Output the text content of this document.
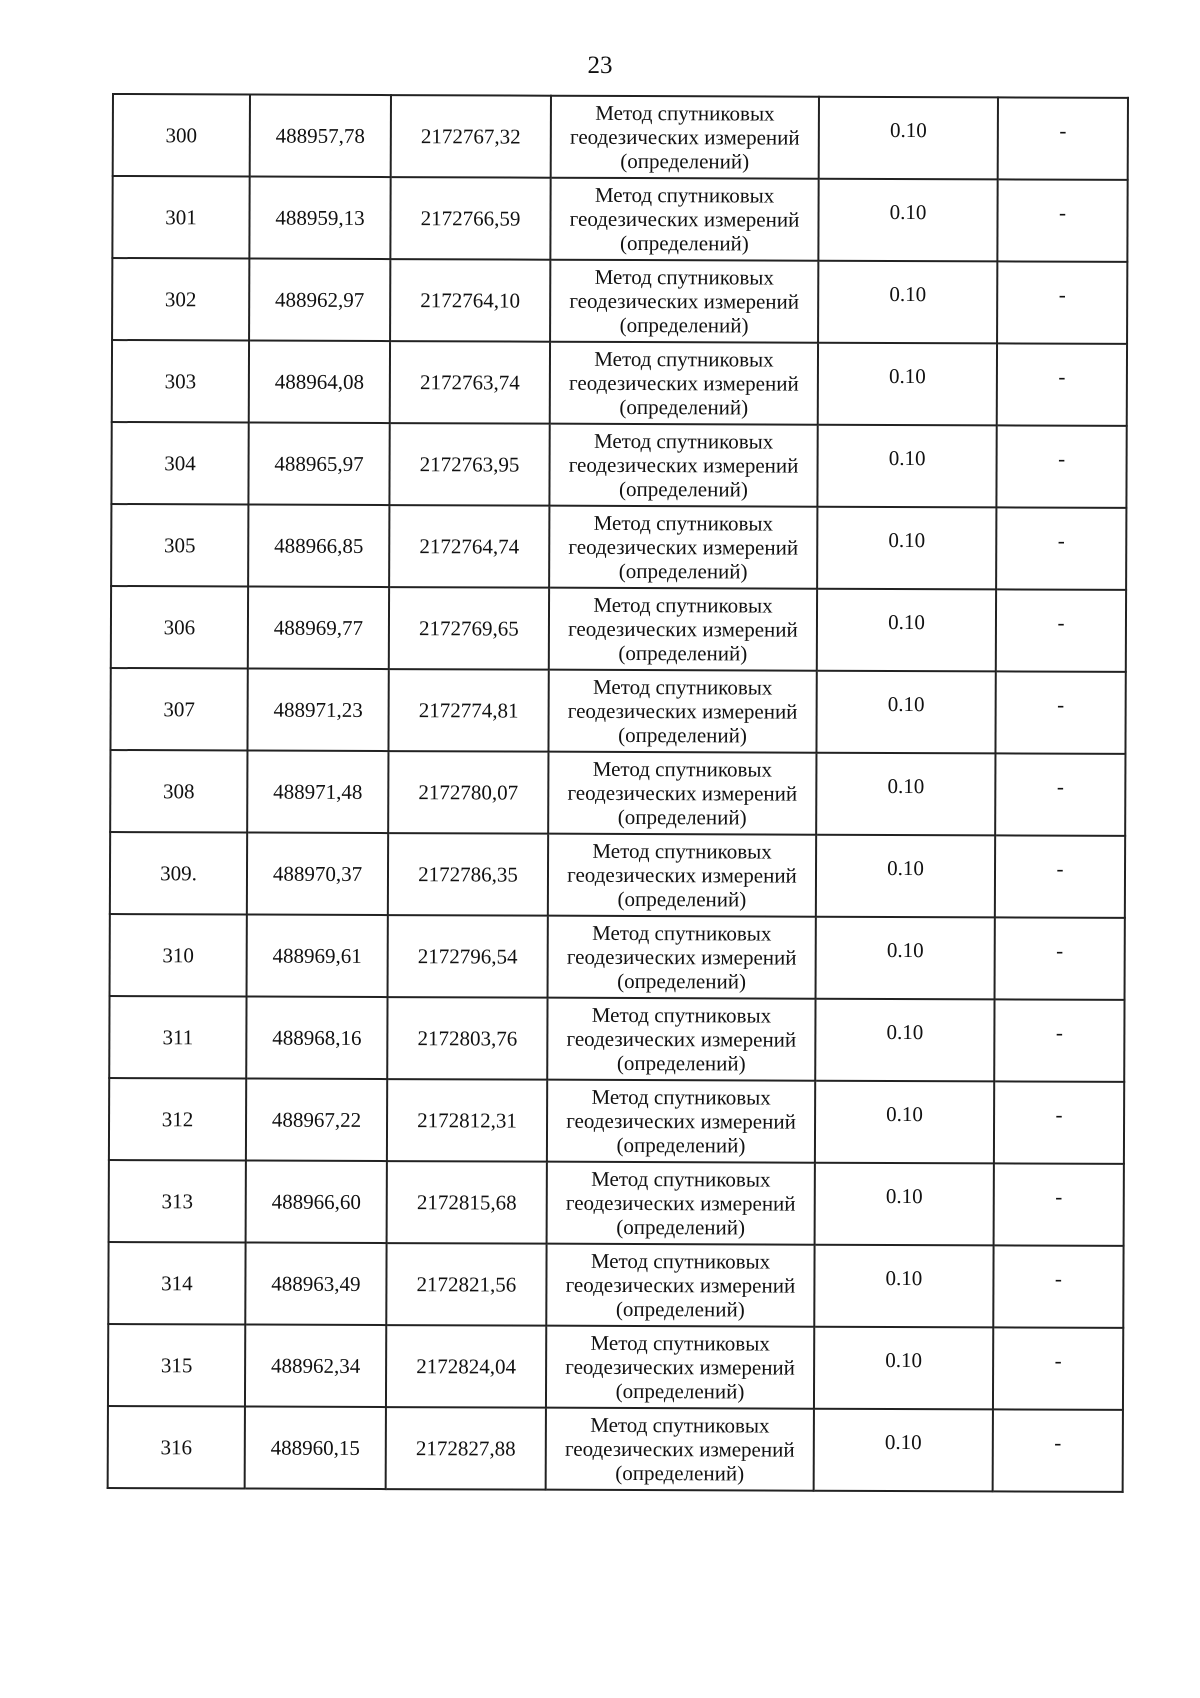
23
300	488957,78	2172767,32	Метод спутниковых геодезических измерений (определений)	0.10	-
301	488959,13	2172766,59	Метод спутниковых геодезических измерений (определений)	0.10	-
302	488962,97	2172764,10	Метод спутниковых геодезических измерений (определений)	0.10	-
303	488964,08	2172763,74	Метод спутниковых геодезических измерений (определений)	0.10	-
304	488965,97	2172763,95	Метод спутниковых геодезических измерений (определений)	0.10	-
305	488966,85	2172764,74	Метод спутниковых геодезических измерений (определений)	0.10	-
306	488969,77	2172769,65	Метод спутниковых геодезических измерений (определений)	0.10	-
307	488971,23	2172774,81	Метод спутниковых геодезических измерений (определений)	0.10	-
308	488971,48	2172780,07	Метод спутниковых геодезических измерений (определений)	0.10	-
309.	488970,37	2172786,35	Метод спутниковых геодезических измерений (определений)	0.10	-
310	488969,61	2172796,54	Метод спутниковых геодезических измерений (определений)	0.10	-
311	488968,16	2172803,76	Метод спутниковых геодезических измерений (определений)	0.10	-
312	488967,22	2172812,31	Метод спутниковых геодезических измерений (определений)	0.10	-
313	488966,60	2172815,68	Метод спутниковых геодезических измерений (определений)	0.10	-
314	488963,49	2172821,56	Метод спутниковых геодезических измерений (определений)	0.10	-
315	488962,34	2172824,04	Метод спутниковых геодезических измерений (определений)	0.10	-
316	488960,15	2172827,88	Метод спутниковых геодезических измерений (определений)	0.10	-
